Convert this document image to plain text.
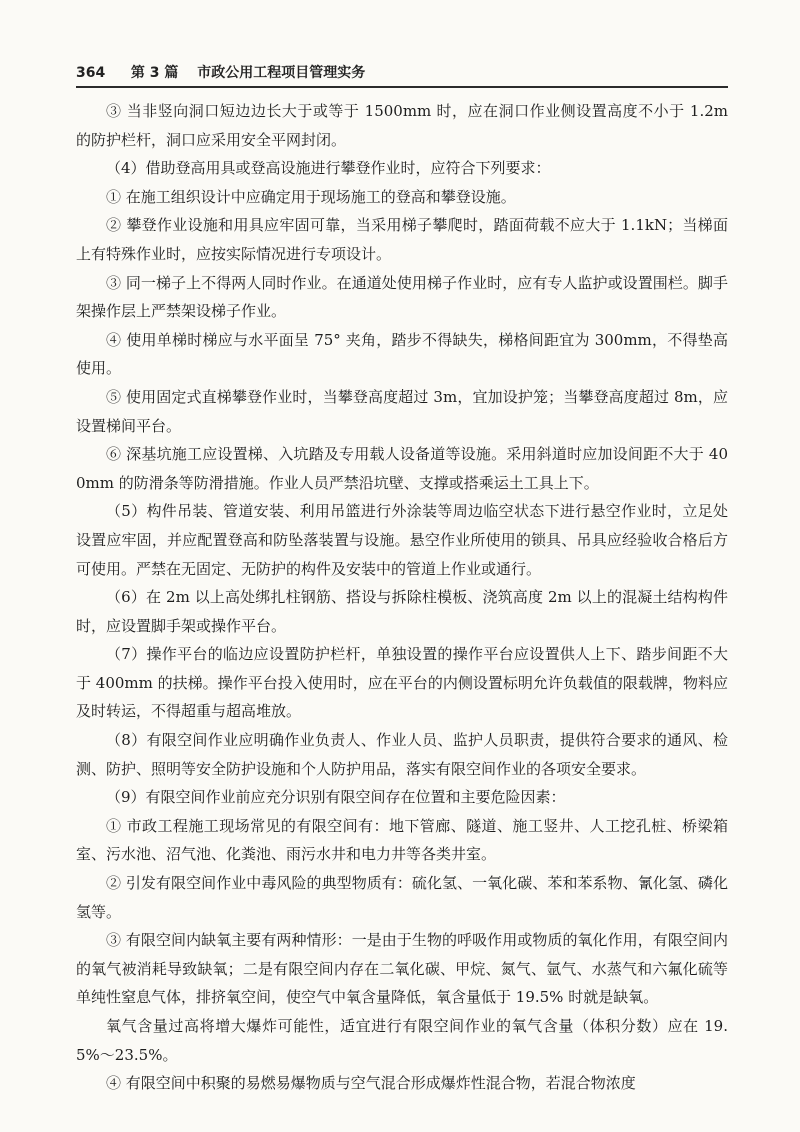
364 第 3 篇 市政公用工程项目管理实务

③ 当非竖向洞口短边边长大于或等于 1500mm 时，应在洞口作业侧设置高度不小于 1.2m 的防护栏杆，洞口应采用安全平网封闭。

（4）借助登高用具或登高设施进行攀登作业时，应符合下列要求：

① 在施工组织设计中应确定用于现场施工的登高和攀登设施。

② 攀登作业设施和用具应牢固可靠，当采用梯子攀爬时，踏面荷载不应大于 1.1kN；当梯面上有特殊作业时，应按实际情况进行专项设计。

③ 同一梯子上不得两人同时作业。在通道处使用梯子作业时，应有专人监护或设置围栏。脚手架操作层上严禁架设梯子作业。

④ 使用单梯时梯应与水平面呈 75° 夹角，踏步不得缺失，梯格间距宜为 300mm，不得垫高使用。

⑤ 使用固定式直梯攀登作业时，当攀登高度超过 3m，宜加设护笼；当攀登高度超过 8m，应设置梯间平台。

⑥ 深基坑施工应设置梯、入坑踏及专用载人设备道等设施。采用斜道时应加设间距不大于 400mm 的防滑条等防滑措施。作业人员严禁沿坑壁、支撑或搭乘运土工具上下。

（5）构件吊装、管道安装、利用吊篮进行外涂装等周边临空状态下进行悬空作业时，立足处设置应牢固，并应配置登高和防坠落装置与设施。悬空作业所使用的锁具、吊具应经验收合格后方可使用。严禁在无固定、无防护的构件及安装中的管道上作业或通行。

（6）在 2m 以上高处绑扎柱钢筋、搭设与拆除柱模板、浇筑高度 2m 以上的混凝土结构构件时，应设置脚手架或操作平台。

（7）操作平台的临边应设置防护栏杆，单独设置的操作平台应设置供人上下、踏步间距不大于 400mm 的扶梯。操作平台投入使用时，应在平台的内侧设置标明允许负载值的限载牌，物料应及时转运，不得超重与超高堆放。

（8）有限空间作业应明确作业负责人、作业人员、监护人员职责，提供符合要求的通风、检测、防护、照明等安全防护设施和个人防护用品，落实有限空间作业的各项安全要求。

（9）有限空间作业前应充分识别有限空间存在位置和主要危险因素：

① 市政工程施工现场常见的有限空间有：地下管廊、隧道、施工竖井、人工挖孔桩、桥梁箱室、污水池、沼气池、化粪池、雨污水井和电力井等各类井室。

② 引发有限空间作业中毒风险的典型物质有：硫化氢、一氧化碳、苯和苯系物、氰化氢、磷化氢等。

③ 有限空间内缺氧主要有两种情形：一是由于生物的呼吸作用或物质的氧化作用，有限空间内的氧气被消耗导致缺氧；二是有限空间内存在二氧化碳、甲烷、氮气、氩气、水蒸气和六氟化硫等单纯性窒息气体，排挤氧空间，使空气中氧含量降低，氧含量低于 19.5% 时就是缺氧。

氧气含量过高将增大爆炸可能性，适宜进行有限空间作业的氧气含量（体积分数）应在 19.5%～23.5%。

④ 有限空间中积聚的易燃易爆物质与空气混合形成爆炸性混合物，若混合物浓度
